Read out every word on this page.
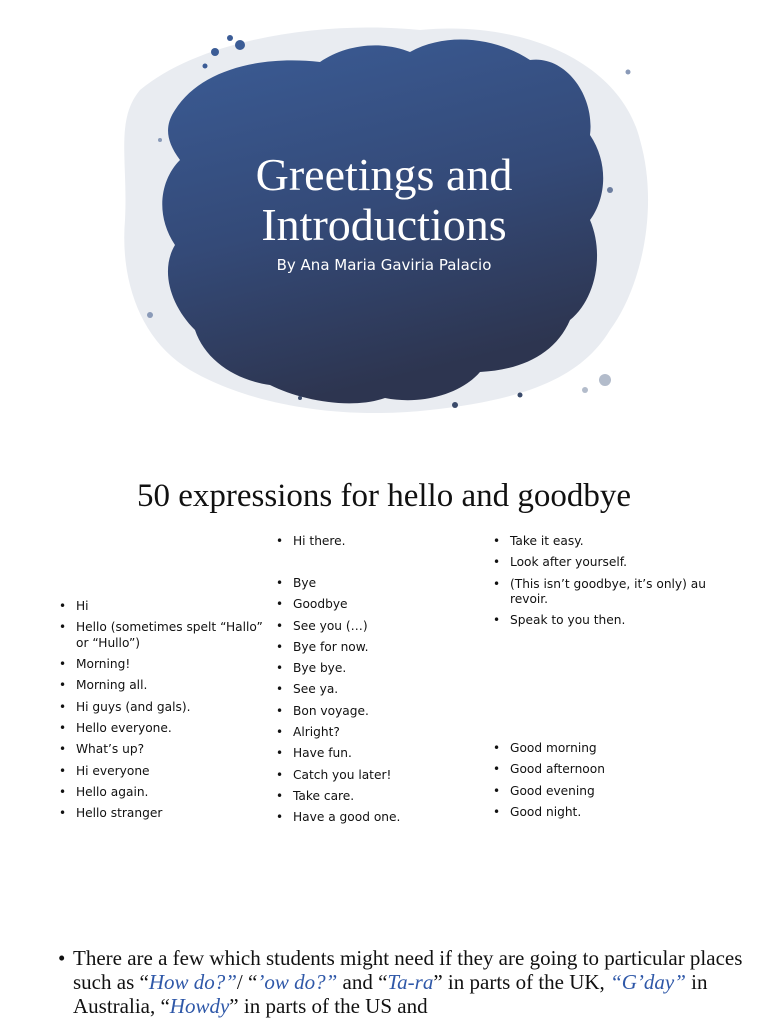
Greetings and
Introductions
By Ana Maria Gaviria Palacio
50 expressions for hello and goodbye
• Hi
• Hello (sometimes spelt “Hallo” or “Hullo”)
• Morning!
• Morning all.
• Hi guys (and gals).
• Hello everyone.
• What’s up?
• Hi everyone
• Hello again.
• Hello stranger
• Hi there.
• Bye
• Goodbye
• See you (…)
• Bye for now.
• Bye bye.
• See ya.
• Bon voyage.
• Alright?
• Have fun.
• Catch you later!
• Take care.
• Have a good one.
• Take it easy.
• Look after yourself.
• (This isn’t goodbye, it’s only) au revoir.
• Speak to you then.
• Good morning
• Good afternoon
• Good evening
• Good night.
• There are a few which students might need if they are going to particular places such as “How do?”/ “’ow do?” and “Ta-ra” in parts of the UK, “G’day” in Australia, “Howdy” in parts of the US and
